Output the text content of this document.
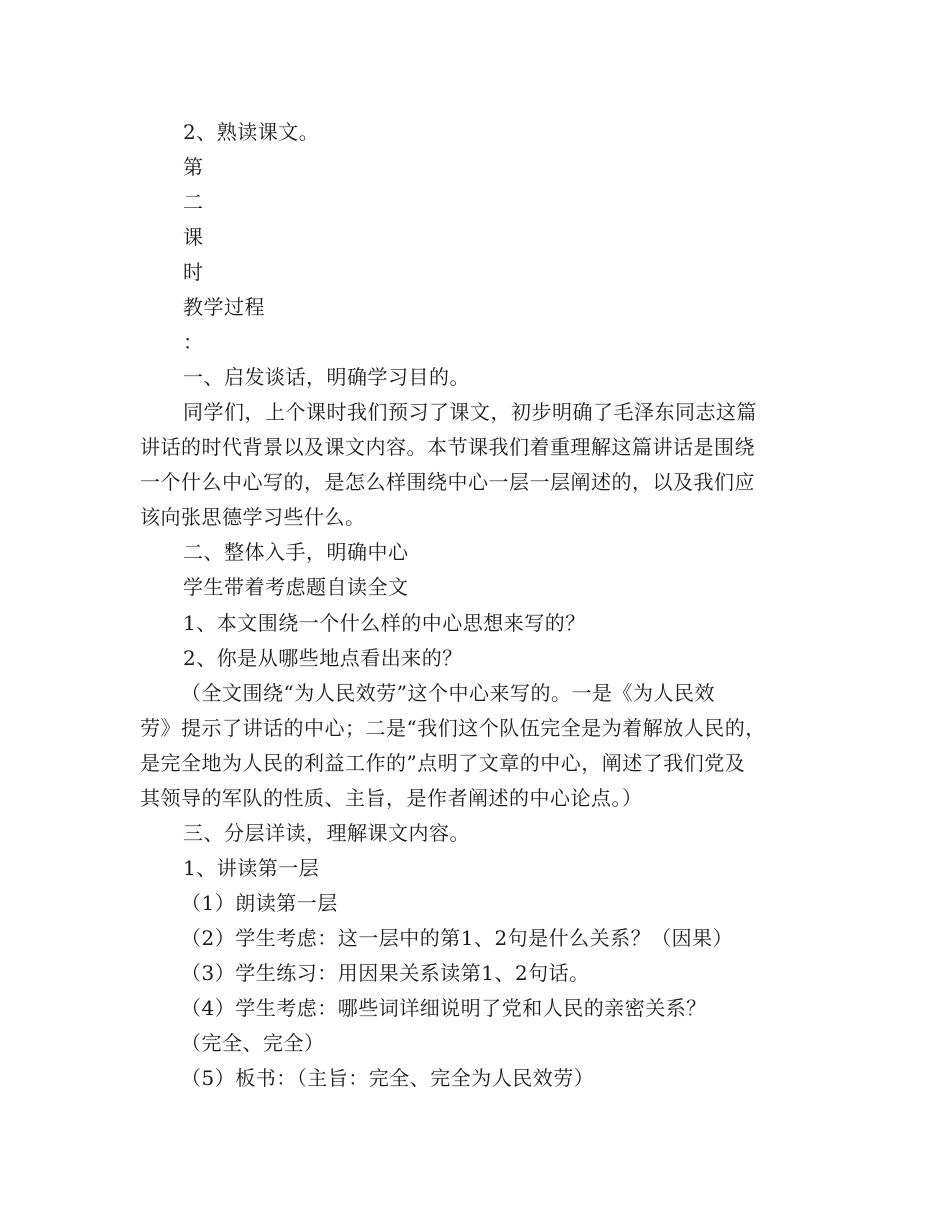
2、熟读课文。
第
二
课
时
教学过程
：
一、启发谈话，明确学习目的。
同学们，上个课时我们预习了课文，初步明确了毛泽东同志这篇
讲话的时代背景以及课文内容。本节课我们着重理解这篇讲话是围绕
一个什么中心写的，是怎么样围绕中心一层一层阐述的，以及我们应
该向张思德学习些什么。
二、整体入手，明确中心
学生带着考虑题自读全文
1、本文围绕一个什么样的中心思想来写的？
2、你是从哪些地点看出来的？
（全文围绕“为人民效劳”这个中心来写的。一是《为人民效
劳》提示了讲话的中心；二是“我们这个队伍完全是为着解放人民的，
是完全地为人民的利益工作的”点明了文章的中心，阐述了我们党及
其领导的军队的性质、主旨，是作者阐述的中心论点。）
三、分层详读，理解课文内容。
1、讲读第一层
（1）朗读第一层
（2）学生考虑：这一层中的第1、2句是什么关系？（因果）
（3）学生练习：用因果关系读第1、2句话。
（4）学生考虑：哪些词详细说明了党和人民的亲密关系？
（完全、完全）
（5）板书：（主旨：完全、完全为人民效劳）
